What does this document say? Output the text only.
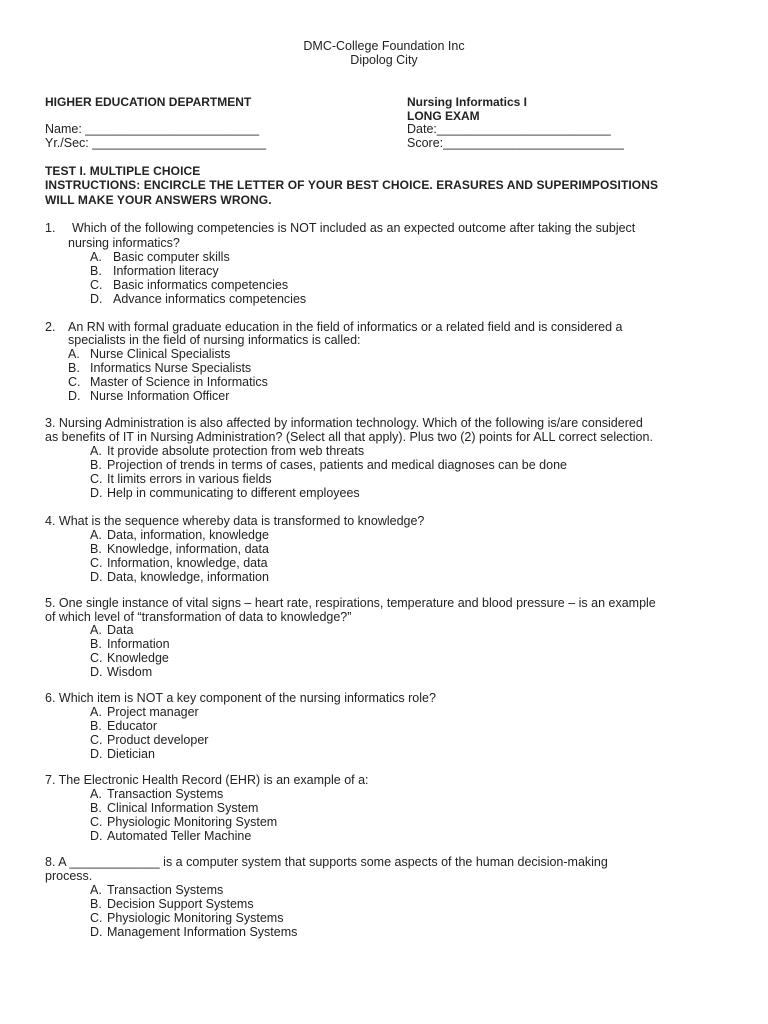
DMC-College Foundation Inc
Dipolog City
HIGHER EDUCATION DEPARTMENT	Nursing Informatics I
LONG EXAM
Name: _________________________
Yr./Sec: _________________________
Date:_________________________
Score:__________________________
TEST I. MULTIPLE CHOICE
INSTRUCTIONS: ENCIRCLE THE LETTER OF YOUR BEST CHOICE. ERASURES AND SUPERIMPOSITIONS WILL MAKE YOUR ANSWERS WRONG.
1. Which of the following competencies is NOT included as an expected outcome after taking the subject
nursing informatics?
A. Basic computer skills
B. Information literacy
C. Basic informatics competencies
D. Advance informatics competencies
2. An RN with formal graduate education in the field of informatics or a related field and is considered a
specialists in the field of nursing informatics is called:
A. Nurse Clinical Specialists
B. Informatics Nurse Specialists
C. Master of Science in Informatics
D. Nurse Information Officer
3. Nursing Administration is also affected by information technology. Which of the following is/are considered
as benefits of IT in Nursing Administration? (Select all that apply). Plus two (2) points for ALL correct selection.
A. It provide absolute protection from web threats
B. Projection of trends in terms of cases, patients and medical diagnoses can be done
C. It limits errors in various fields
D. Help in communicating to different employees
4. What is the sequence whereby data is transformed to knowledge?
A. Data, information, knowledge
B. Knowledge, information, data
C. Information, knowledge, data
D. Data, knowledge, information
5. One single instance of vital signs – heart rate, respirations, temperature and blood pressure – is an example
of which level of “transformation of data to knowledge?”
A. Data
B. Information
C. Knowledge
D. Wisdom
6. Which item is NOT a key component of the nursing informatics role?
A. Project manager
B. Educator
C. Product developer
D. Dietician
7. The Electronic Health Record (EHR) is an example of a:
A. Transaction Systems
B. Clinical Information System
C. Physiologic Monitoring System
D. Automated Teller Machine
8. A _____________ is a computer system that supports some aspects of the human decision-making
process.
A. Transaction Systems
B. Decision Support Systems
C. Physiologic Monitoring Systems
D. Management Information Systems
